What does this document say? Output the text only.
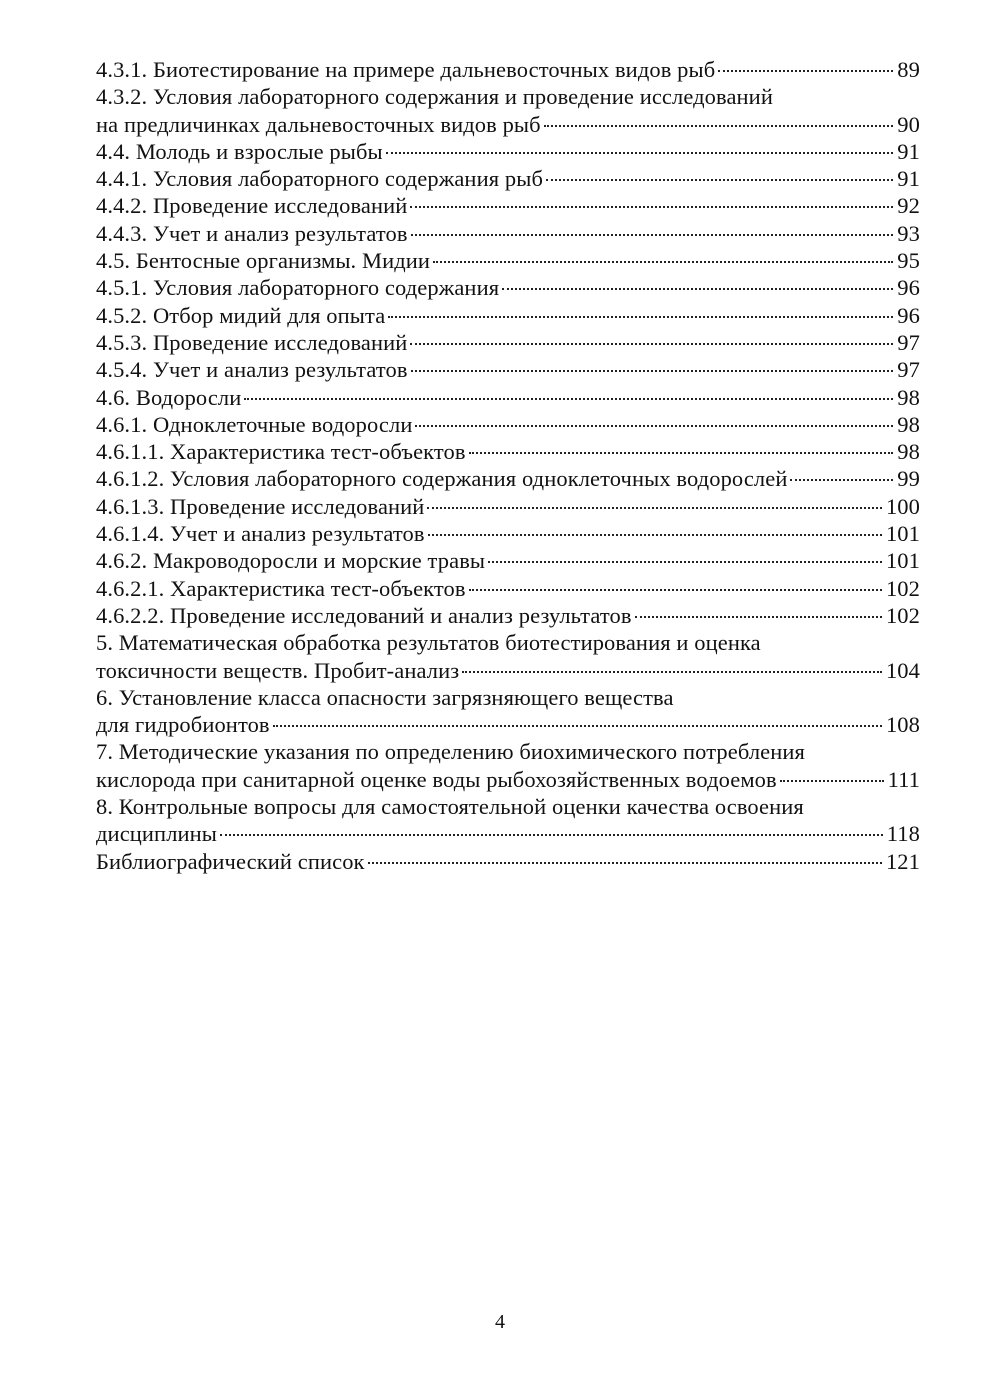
4.3.1. Биотестирование на примере дальневосточных видов рыб	89
4.3.2. Условия лабораторного содержания и проведение исследований
на предличинках дальневосточных видов рыб	90
4.4. Молодь и взрослые рыбы	91
4.4.1. Условия лабораторного содержания рыб	91
4.4.2. Проведение исследований	92
4.4.3. Учет и анализ результатов	93
4.5. Бентосные организмы. Мидии	95
4.5.1. Условия лабораторного содержания	96
4.5.2. Отбор мидий для опыта	96
4.5.3. Проведение исследований	97
4.5.4. Учет и анализ результатов	97
4.6. Водоросли	98
4.6.1. Одноклеточные водоросли	98
4.6.1.1. Характеристика тест-объектов	98
4.6.1.2. Условия лабораторного содержания одноклеточных водорослей	99
4.6.1.3. Проведение исследований	100
4.6.1.4. Учет и анализ результатов	101
4.6.2. Макроводоросли и морские травы	101
4.6.2.1. Характеристика тест-объектов	102
4.6.2.2. Проведение исследований и анализ результатов	102
5. Математическая обработка результатов биотестирования и оценка
токсичности веществ. Пробит-анализ	104
6. Установление класса опасности загрязняющего вещества
для гидробионтов	108
7. Методические указания по определению биохимического потребления
кислорода при санитарной оценке воды рыбохозяйственных водоемов	111
8. Контрольные вопросы для самостоятельной оценки качества освоения
дисциплины	118
Библиографический список	121
4
